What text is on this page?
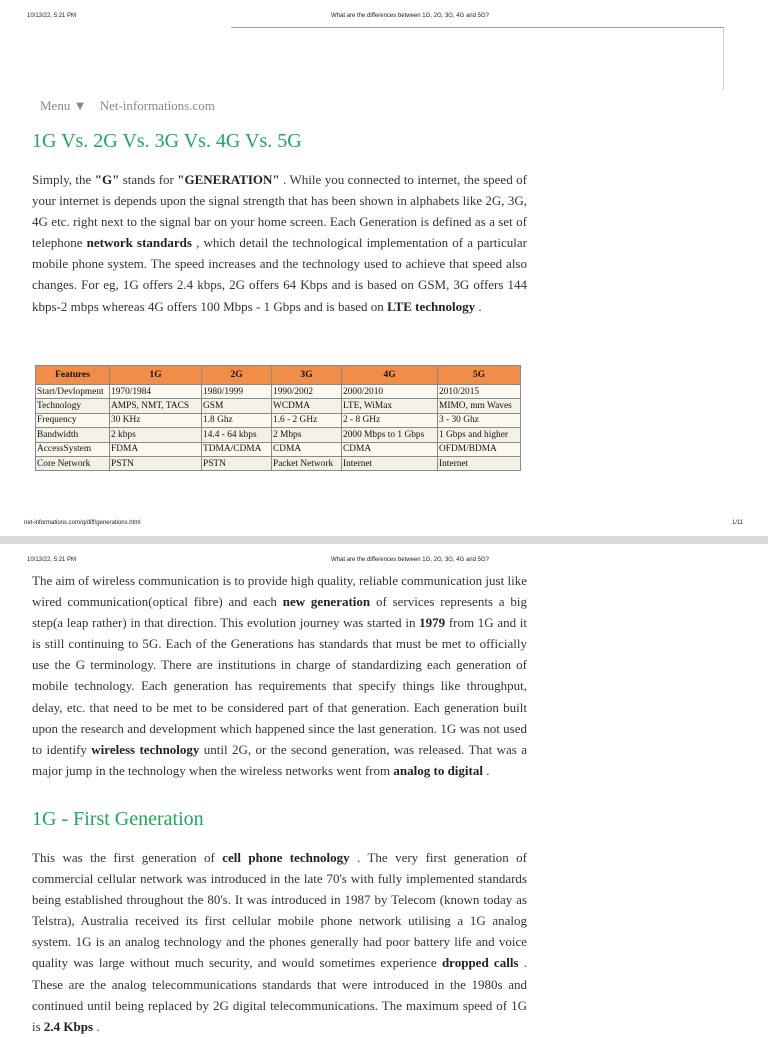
10/13/22, 5:21 PM	What are the differences between 1G, 2G, 3G, 4G and 5G?
Menu ▼ Net-informations.com
1G Vs. 2G Vs. 3G Vs. 4G Vs. 5G

Simply, the "G" stands for "GENERATION" . While you connected to internet, the speed of your internet is depends upon the signal strength that has been shown in alphabets like 2G, 3G, 4G etc. right next to the signal bar on your home screen. Each Generation is defined as a set of telephone network standards , which detail the technological implementation of a particular mobile phone system. The speed increases and the technology used to achieve that speed also changes. For eg, 1G offers 2.4 kbps, 2G offers 64 Kbps and is based on GSM, 3G offers 144 kbps-2 mbps whereas 4G offers 100 Mbps - 1 Gbps and is based on LTE technology .

Features	1G	2G	3G	4G	5G
Start/Devlopment	1970/1984	1980/1999	1990/2002	2000/2010	2010/2015
Technology	AMPS, NMT, TACS	GSM	WCDMA	LTE, WiMax	MIMO, mm Waves
Frequency	30 KHz	1.8 Ghz	1.6 - 2 GHz	2 - 8 GHz	3 - 30 Ghz
Bandwidth	2 kbps	14.4 - 64 kbps	2 Mbps	2000 Mbps to 1 Gbps	1 Gbps and higher
AccessSystem	FDMA	TDMA/CDMA	CDMA	CDMA	OFDM/BDMA
Core Network	PSTN	PSTN	Packet Network	Internet	Internet
net-informations.com/q/diff/generations.html	1/11
10/13/22, 5:21 PM	What are the differences between 1G, 2G, 3G, 4G and 5G?

The aim of wireless communication is to provide high quality, reliable communication just like wired communication(optical fibre) and each new generation of services represents a big step(a leap rather) in that direction. This evolution journey was started in 1979 from 1G and it is still continuing to 5G. Each of the Generations has standards that must be met to officially use the G terminology. There are institutions in charge of standardizing each generation of mobile technology. Each generation has requirements that specify things like throughput, delay, etc. that need to be met to be considered part of that generation. Each generation built upon the research and development which happened since the last generation. 1G was not used to identify wireless technology until 2G, or the second generation, was released. That was a major jump in the technology when the wireless networks went from analog to digital .

1G - First Generation

This was the first generation of cell phone technology . The very first generation of commercial cellular network was introduced in the late 70's with fully implemented standards being established throughout the 80's. It was introduced in 1987 by Telecom (known today as Telstra), Australia received its first cellular mobile phone network utilising a 1G analog system. 1G is an analog technology and the phones generally had poor battery life and voice quality was large without much security, and would sometimes experience dropped calls . These are the analog telecommunications standards that were introduced in the 1980s and continued until being replaced by 2G digital telecommunications. The maximum speed of 1G is 2.4 Kbps .
